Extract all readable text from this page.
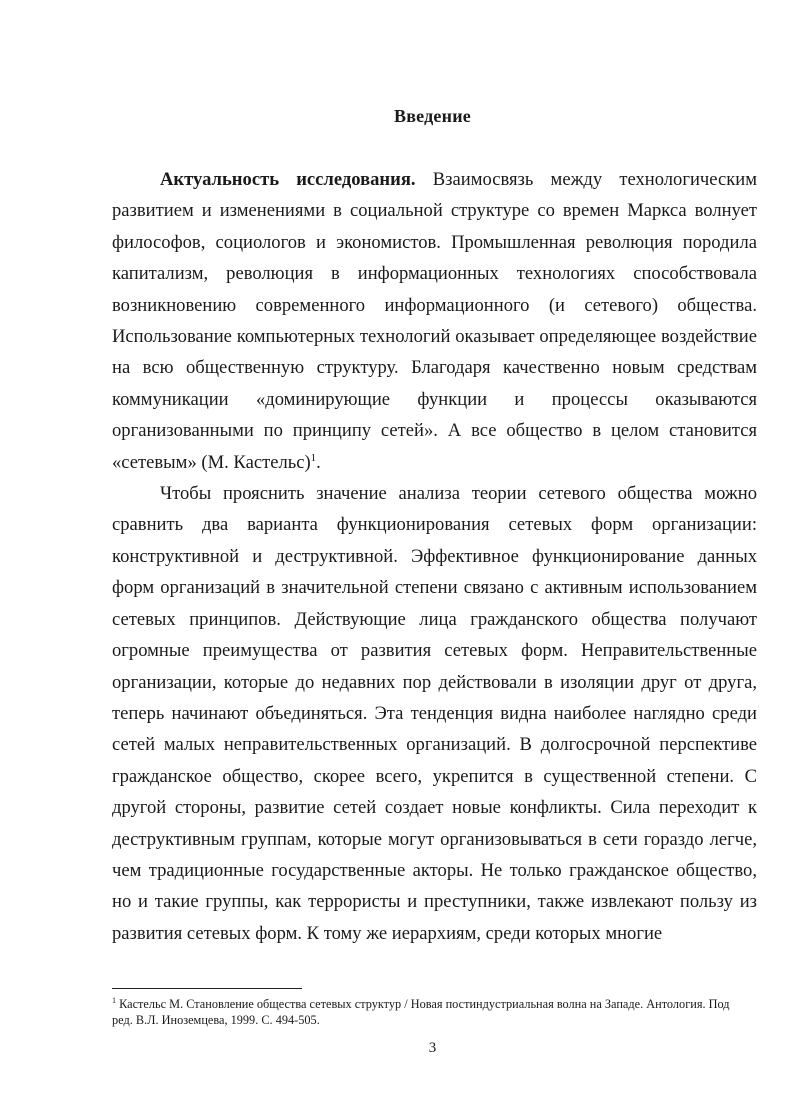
Введение

Актуальность исследования. Взаимосвязь между технологическим развитием и изменениями в социальной структуре со времен Маркса волнует философов, социологов и экономистов. Промышленная революция породила капитализм, революция в информационных технологиях способствовала возникновению современного информационного (и сетевого) общества. Использование компьютерных технологий оказывает определяющее воздействие на всю общественную структуру. Благодаря качественно новым средствам коммуникации «доминирующие функции и процессы оказываются организованными по принципу сетей». А все общество в целом становится «сетевым» (М. Кастельс)$^1$.

Чтобы прояснить значение анализа теории сетевого общества можно сравнить два варианта функционирования сетевых форм организации: конструктивной и деструктивной. Эффективное функционирование данных форм организаций в значительной степени связано с активным использованием сетевых принципов. Действующие лица гражданского общества получают огромные преимущества от развития сетевых форм. Неправительственные организации, которые до недавних пор действовали в изоляции друг от друга, теперь начинают объединяться. Эта тенденция видна наиболее наглядно среди сетей малых неправительственных организаций. В долгосрочной перспективе гражданское общество, скорее всего, укрепится в существенной степени. С другой стороны, развитие сетей создает новые конфликты. Сила переходит к деструктивным группам, которые могут организовываться в сети гораздо легче, чем традиционные государственные акторы. Не только гражданское общество, но и такие группы, как террористы и преступники, также извлекают пользу из развития сетевых форм. К тому же иерархиям, среди которых многие

$^1$ Кастельс М. Становление общества сетевых структур / Новая постиндустриальная волна на Западе. Антология. Под ред. В.Л. Иноземцева, 1999. С. 494-505.
3
